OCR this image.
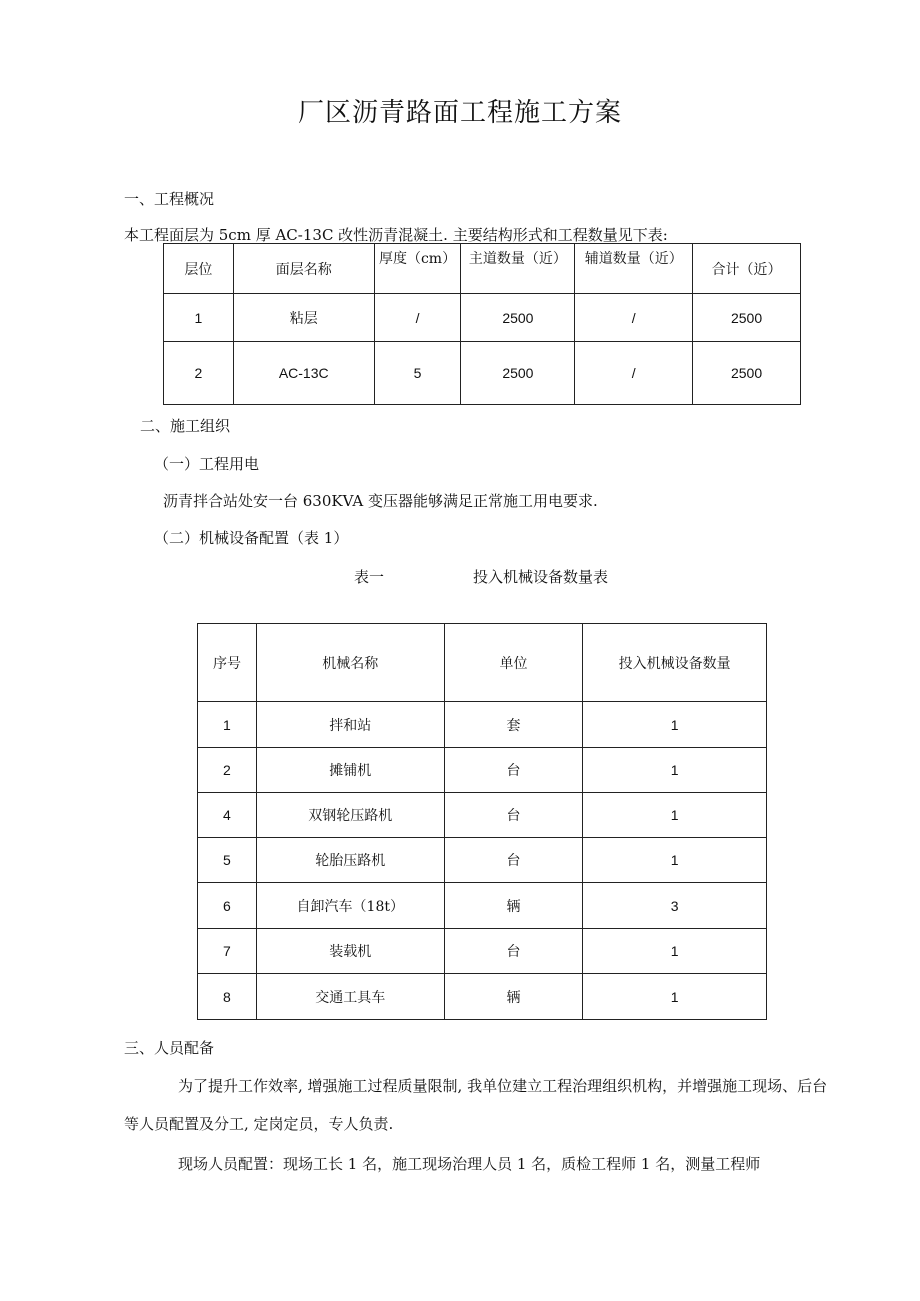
厂区沥青路面工程施工方案
一、工程概况
本工程面层为 5cm 厚 AC-13C 改性沥青混凝土. 主要结构形式和工程数量见下表:
层位	面层名称	厚度（cm）	主道数量（近）	辅道数量（近）	合计（近）
1	粘层	/	2500	/	2500
2	AC-13C	5	2500	/	2500
二、施工组织
（一）工程用电
沥青拌合站处安一台 630KVA 变压器能够满足正常施工用电要求.
（二）机械设备配置（表 1）
表一	投入机械设备数量表
序号	机械名称	单位	投入机械设备数量
1	拌和站	套	1
2	摊铺机	台	1
4	双钢轮压路机	台	1
5	轮胎压路机	台	1
6	自卸汽车（18t）	辆	3
7	装载机	台	1
8	交通工具车	辆	1
三、人员配备
为了提升工作效率, 增强施工过程质量限制, 我单位建立工程治理组织机构，并增强施工现场、后台
等人员配置及分工, 定岗定员，专人负责.
现场人员配置：现场工长 1 名，施工现场治理人员 1 名，质检工程师 1 名，测量工程师
